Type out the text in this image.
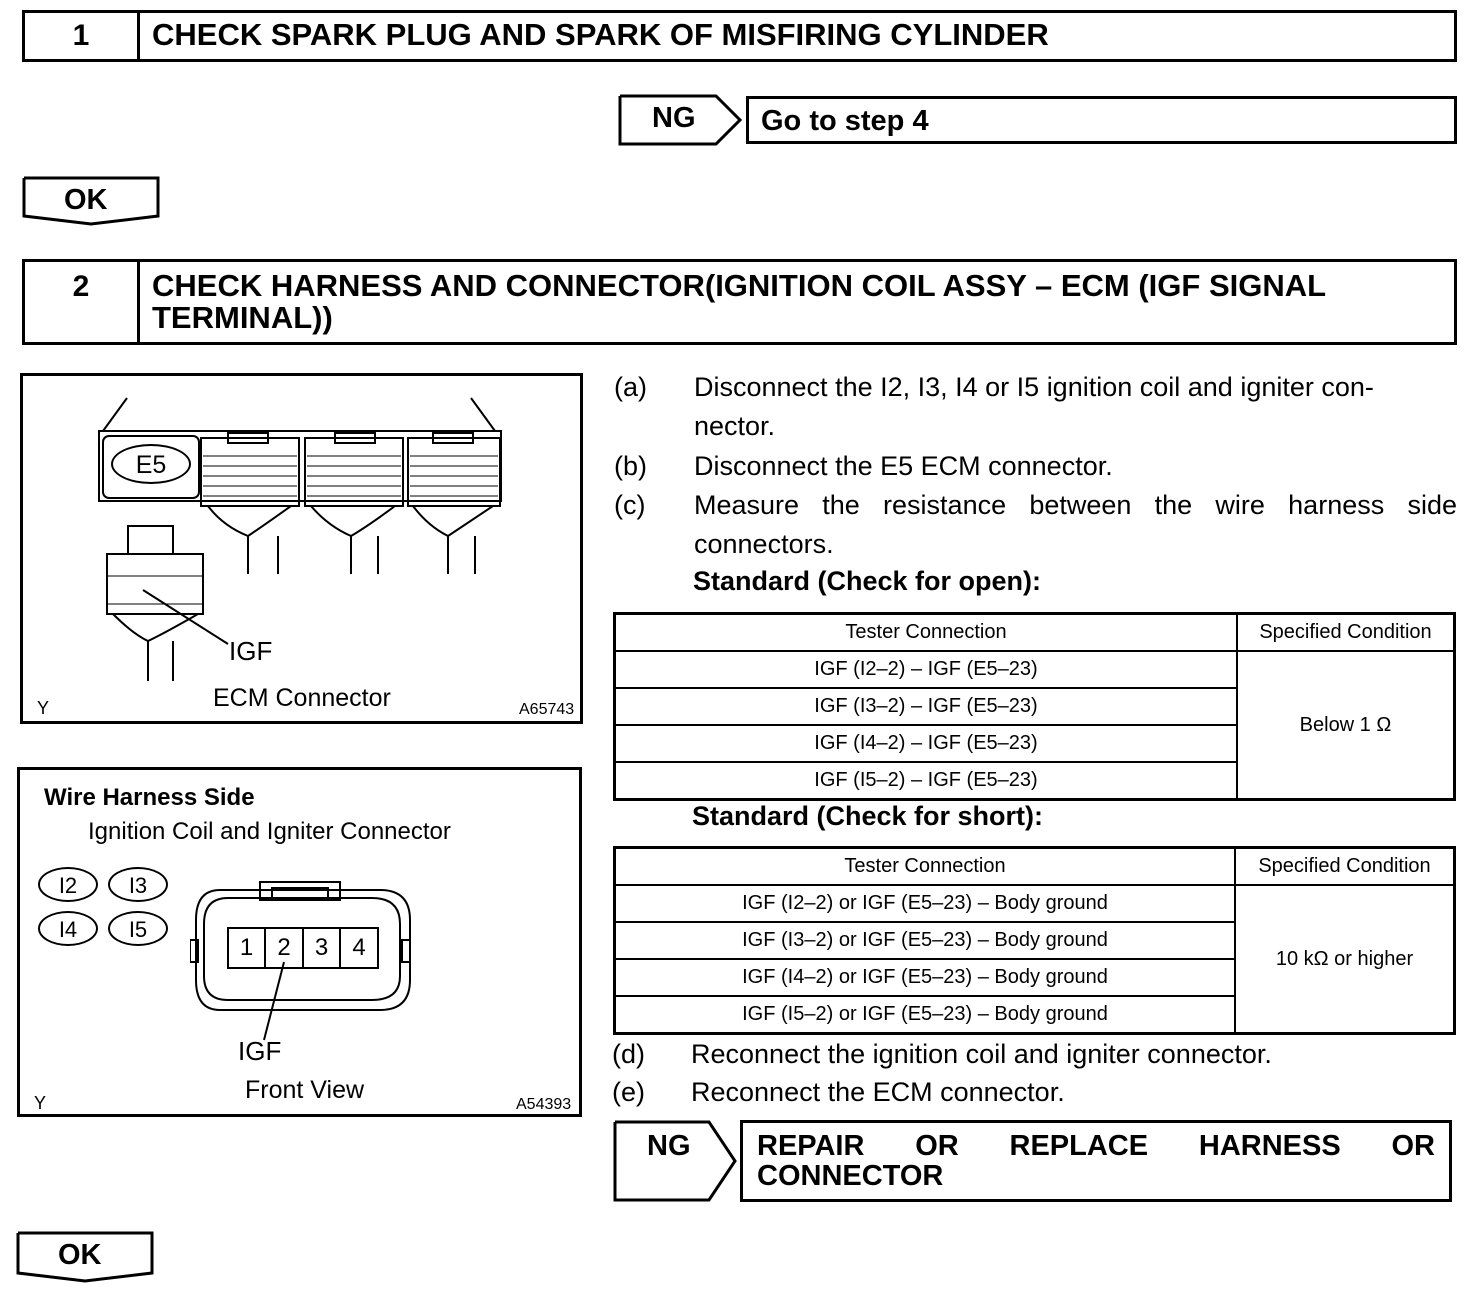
1	CHECK SPARK PLUG AND SPARK OF MISFIRING CYLINDER
NG	Go to step 4
OK
2	CHECK HARNESS AND CONNECTOR(IGNITION COIL ASSY – ECM (IGF SIGNAL
TERMINAL))
E5
IGF
ECM Connector
Y	A65743
Wire Harness Side
Ignition Coil and Igniter Connector
I2	I3
I4	I5
1	2	3	4
IGF
Front View
Y	A54393
(a) Disconnect the I2, I3, I4 or I5 ignition coil and igniter con-
nector.
(b) Disconnect the E5 ECM connector.
(c) Measure the resistance between the wire harness side
connectors.
Standard (Check for open):
Tester Connection	Specified Condition
IGF (I2–2) – IGF (E5–23)	Below 1 Ω
IGF (I3–2) – IGF (E5–23)	
IGF (I4–2) – IGF (E5–23)	
IGF (I5–2) – IGF (E5–23)	
Standard (Check for short):
Tester Connection	Specified Condition
IGF (I2–2) or IGF (E5–23) – Body ground	10 kΩ or higher
IGF (I3–2) or IGF (E5–23) – Body ground	
IGF (I4–2) or IGF (E5–23) – Body ground	
IGF (I5–2) or IGF (E5–23) – Body ground	
(d) Reconnect the ignition coil and igniter connector.
(e) Reconnect the ECM connector.
NG REPAIR OR REPLACE HARNESS OR
CONNECTOR
OK
